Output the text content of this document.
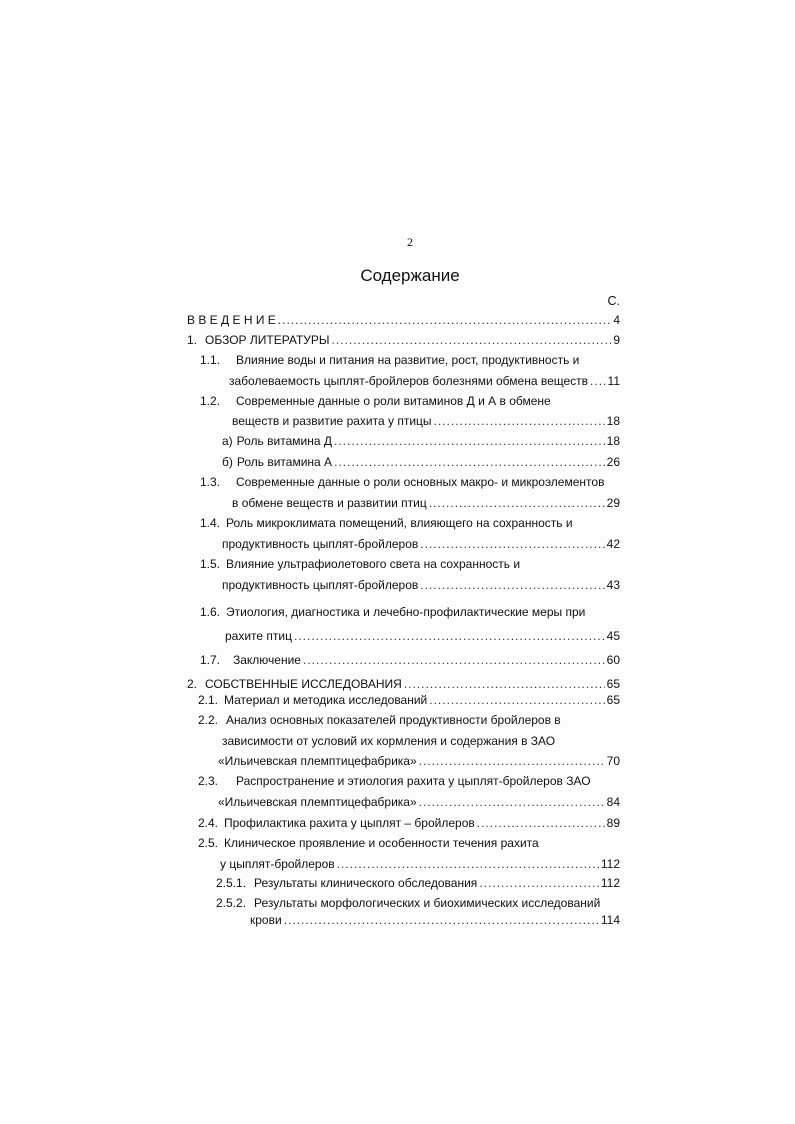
2
Содержание
С.
В В Е Д Е Н И Е .....	4
1. ОБЗОР ЛИТЕРАТУРЫ .....	9
1.1.	Влияние воды и питания на развитие, рост, продуктивность и
заболеваемость цыплят-бройлеров болезнями обмена веществ ..... 11
1.2.	Современные данные о роли витаминов Д и А в обмене
веществ и развитие рахита у птицы .....	18
а) Роль витамина Д .....	18
б) Роль витамина А .....	26
1.3.	Современные данные о роли основных макро- и микроэлементов
в обмене веществ и развитии птиц .....	29
1.4. Роль микроклимата помещений, влияющего на сохранность и
продуктивность цыплят-бройлеров .....	42
1.5. Влияние ультрафиолетового света на сохранность и
продуктивность цыплят-бройлеров .....	43
1.6. Этиология, диагностика и лечебно-профилактические меры при
рахите птиц .....	45
1.7.	Заключение .....	60
2. СОБСТВЕННЫЕ ИССЛЕДОВАНИЯ .....	65
2.1. Материал и методика исследований .....	65
2.2. Анализ основных показателей продуктивности бройлеров в
зависимости от условий их кормления и содержания в ЗАО
«Ильичевская племптицефабрика» .....	70
2.3.	Распространение и этиология рахита у цыплят-бройлеров ЗАО
«Ильичевская племптицефабрика» .....	84
2.4. Профилактика рахита у цыплят – бройлеров .....	89
2.5. Клиническое проявление и особенности течения рахита
у цыплят-бройлеров .....	112
2.5.1. Результаты клинического обследования .....	112
2.5.2. Результаты морфологических и биохимических исследований
крови .....	114
